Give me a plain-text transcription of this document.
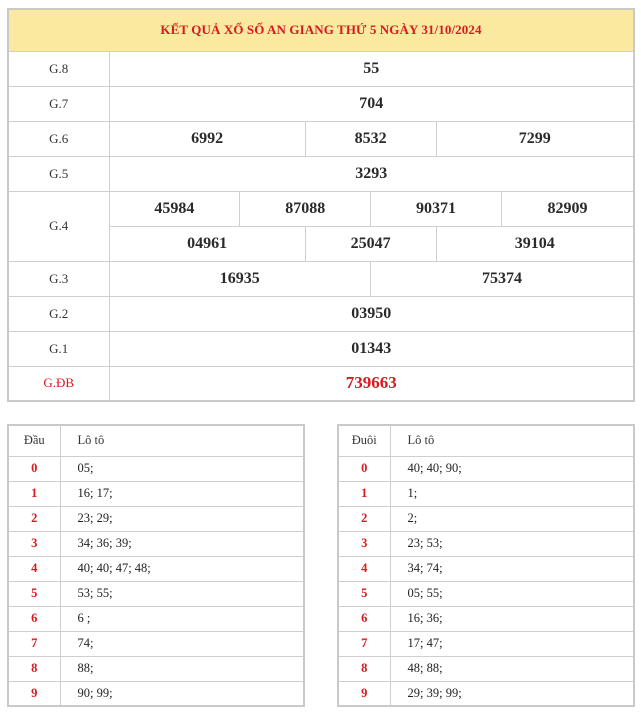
KẾT QUẢ XỔ SỐ AN GIANG THỨ 5 NGÀY 31/10/2024						
G.8	55					
G.7	704					
G.6	6992		8532		7299	
G.5	3293					
G.4	45984	87088		90371		82909
	04961		25047		39104	
G.3	16935			75374		
G.2	03950					
G.1	01343					
G.ĐB	739663					
Đầu	Lô tô
0	05;
1	16; 17;
2	23; 29;
3	34; 36; 39;
4	40; 40; 47; 48;
5	53; 55;
6	6 ;
7	74;
8	88;
9	90; 99;
Đuôi	Lô tô
0	40; 40; 90;
1	1;
2	2;
3	23; 53;
4	34; 74;
5	05; 55;
6	16; 36;
7	17; 47;
8	48; 88;
9	29; 39; 99;
